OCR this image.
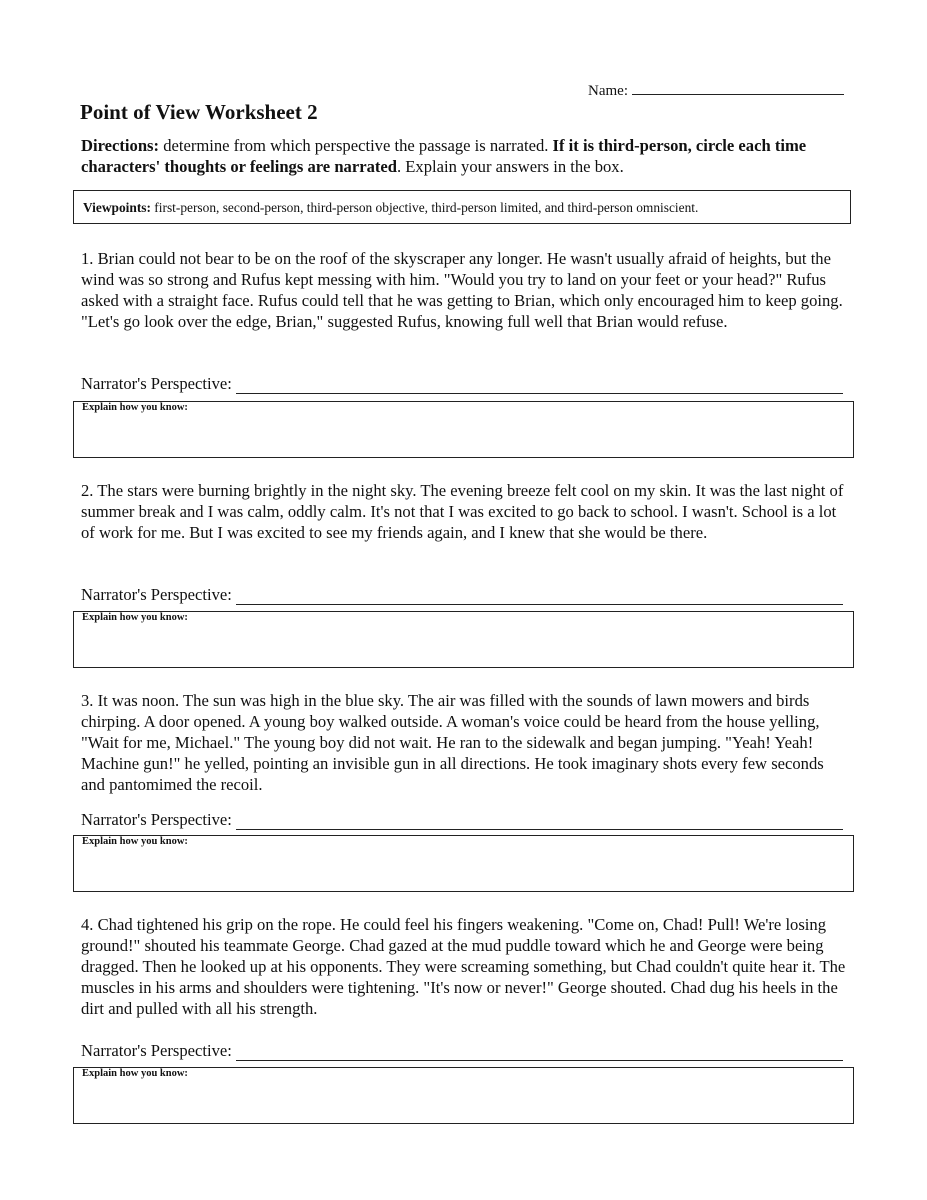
Name:
Point of View Worksheet 2

Directions: determine from which perspective the passage is narrated. If it is third-person, circle each time characters' thoughts or feelings are narrated. Explain your answers in the box.

Viewpoints: first-person, second-person, third-person objective, third-person limited, and third-person omniscient.

1. Brian could not bear to be on the roof of the skyscraper any longer. He wasn't usually afraid of heights, but the wind was so strong and Rufus kept messing with him. "Would you try to land on your feet or your head?" Rufus asked with a straight face. Rufus could tell that he was getting to Brian, which only encouraged him to keep going. "Let's go look over the edge, Brian," suggested Rufus, knowing full well that Brian would refuse.

Narrator's Perspective:
Explain how you know:

2. The stars were burning brightly in the night sky. The evening breeze felt cool on my skin. It was the last night of summer break and I was calm, oddly calm. It's not that I was excited to go back to school. I wasn't. School is a lot of work for me. But I was excited to see my friends again, and I knew that she would be there.

Narrator's Perspective:
Explain how you know:

3. It was noon. The sun was high in the blue sky. The air was filled with the sounds of lawn mowers and birds chirping. A door opened. A young boy walked outside. A woman's voice could be heard from the house yelling, "Wait for me, Michael." The young boy did not wait. He ran to the sidewalk and began jumping. "Yeah! Yeah! Machine gun!" he yelled, pointing an invisible gun in all directions. He took imaginary shots every few seconds and pantomimed the recoil.

Narrator's Perspective:
Explain how you know:

4. Chad tightened his grip on the rope. He could feel his fingers weakening. "Come on, Chad! Pull! We're losing ground!" shouted his teammate George. Chad gazed at the mud puddle toward which he and George were being dragged. Then he looked up at his opponents. They were screaming something, but Chad couldn't quite hear it. The muscles in his arms and shoulders were tightening. "It's now or never!" George shouted. Chad dug his heels in the dirt and pulled with all his strength.

Narrator's Perspective:
Explain how you know:
